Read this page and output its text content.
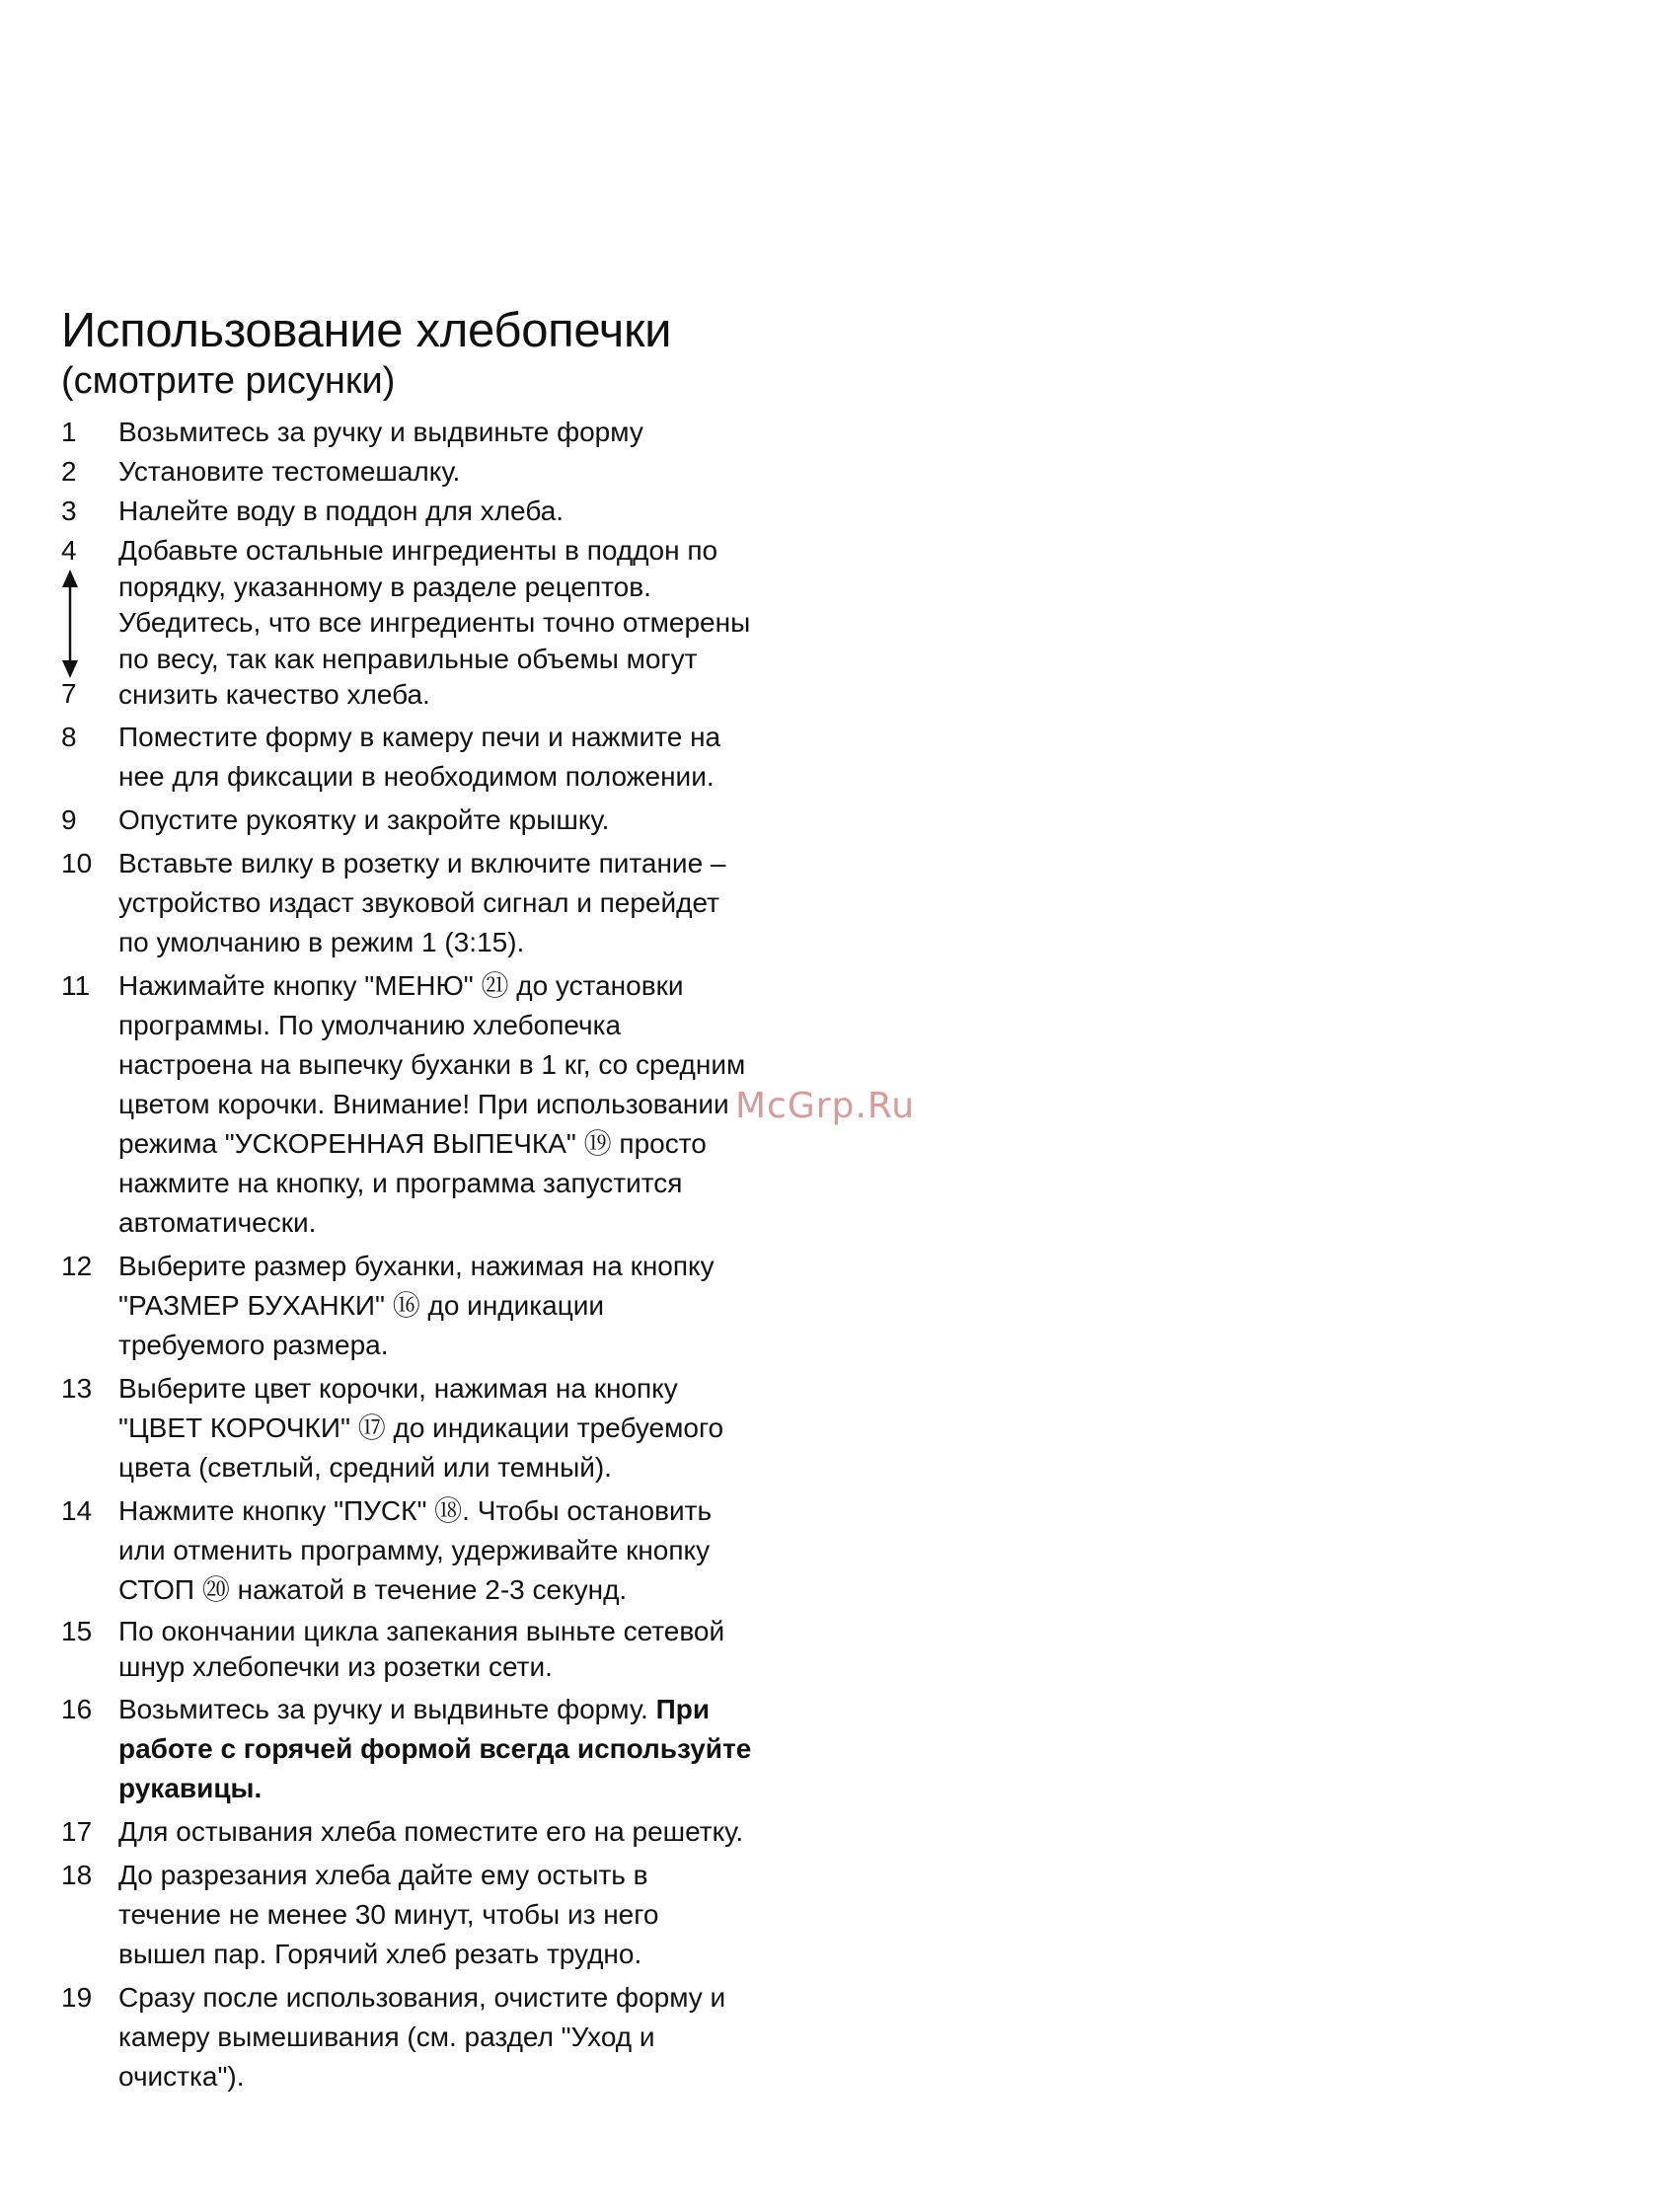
Использование хлебопечки
(смотрите рисунки)
1	Возьмитесь за ручку и выдвиньте форму
2	Установите тестомешалку.
3	Налейте воду в поддон для хлеба.
4
7
Добавьте остальные ингредиенты в поддон по
порядку, указанному в разделе рецептов.
Убедитесь, что все ингредиенты точно отмерены
по весу, так как неправильные объемы могут
снизить качество хлеба.
8	Поместите форму в камеру печи и нажмите на
нее для фиксации в необходимом положении.
9	Опустите рукоятку и закройте крышку.
10 Вставьте вилку в розетку и включите питание –
устройство издаст звуковой сигнал и перейдет
по умолчанию в режим 1 (3:15).
11	Нажимайте кнопку "МЕНЮ" ㉑ до установки
программы. По умолчанию хлебопечка
настроена на выпечку буханки в 1 кг, со средним
цветом корочки. Внимание! При использовании
режима "УСКОРЕННАЯ ВЫПЕЧКА" ⑲ просто
нажмите на кнопку, и программа запустится
автоматически.
12 Выберите размер буханки, нажимая на кнопку
"РАЗМЕР БУХАНКИ" ⑯ до индикации
требуемого размера.
13 Выберите цвет корочки, нажимая на кнопку
"ЦВЕТ КОРОЧКИ" ⑰ до индикации требуемого
цвета (светлый, средний или темный).
14 Нажмите кнопку "ПУСК" ⑱. Чтобы остановить
или отменить программу, удерживайте кнопку
СТОП ⑳ нажатой в течение 2-3 секунд.
15 По окончании цикла запекания выньте сетевой
шнур хлебопечки из розетки сети.
16 Возьмитесь за ручку и выдвиньте форму. При
работе с горячей формой всегда используйте
рукавицы.
17 Для остывания хлеба поместите его на решетку.
18 До разрезания хлеба дайте ему остыть в
течение не менее 30 минут, чтобы из него
вышел пар. Горячий хлеб резать трудно.
19 Сразу после использования, очистите форму и
камеру вымешивания (см. раздел "Уход и
очистка").
McGrp.Ru
